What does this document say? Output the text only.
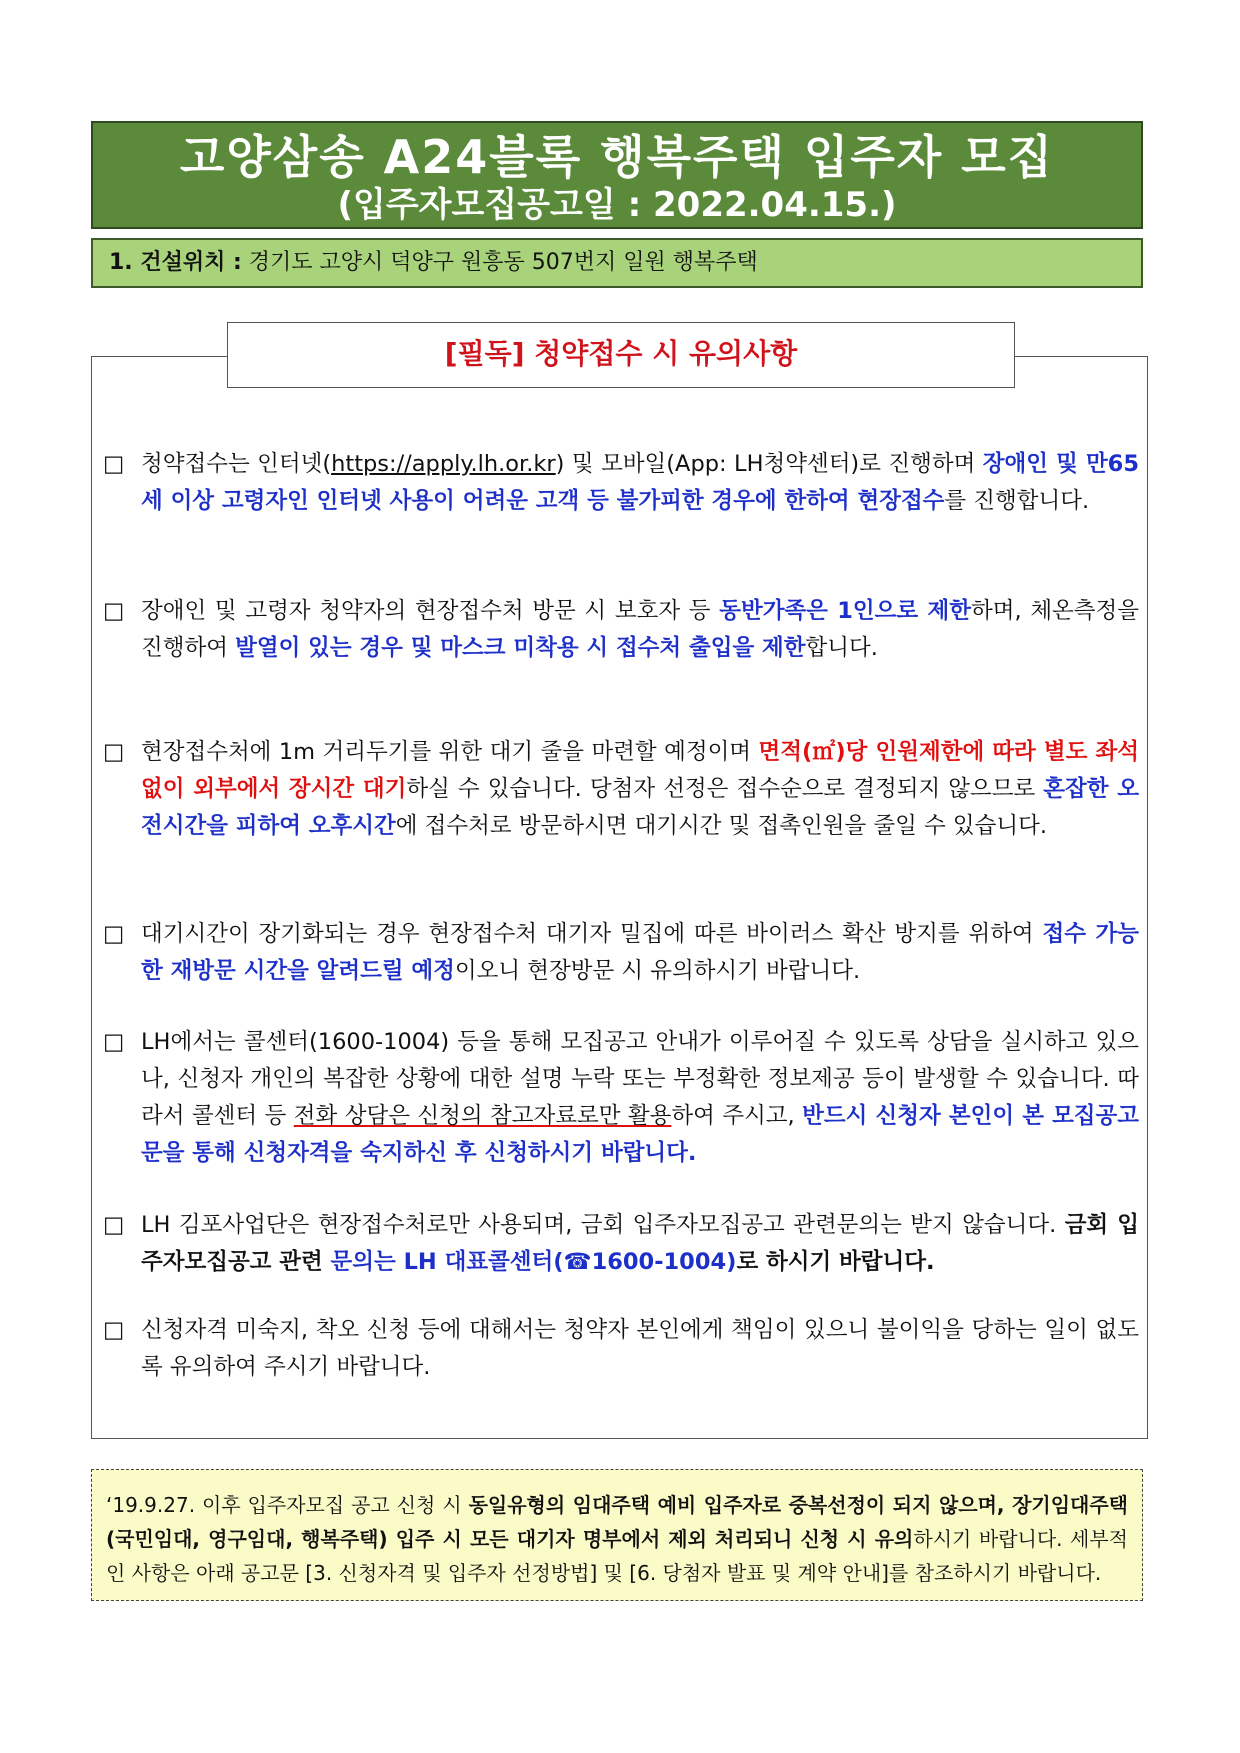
고양삼송 A24블록 행복주택 입주자 모집
(입주자모집공고일 : 2022.04.15.)
1. 건설위치 : 경기도 고양시 덕양구 원흥동 507번지 일원 행복주택
[필독] 청약접수 시 유의사항
□ 청약접수는 인터넷(https://apply.lh.or.kr) 및 모바일(App: LH청약센터)로 진행하며 장애인 및 만65세 이상 고령자인 인터넷 사용이 어려운 고객 등 불가피한 경우에 한하여 현장접수를 진행합니다.
□ 장애인 및 고령자 청약자의 현장접수처 방문 시 보호자 등 동반가족은 1인으로 제한하며, 체온측정을 진행하여 발열이 있는 경우 및 마스크 미착용 시 접수처 출입을 제한합니다.
□ 현장접수처에 1m 거리두기를 위한 대기 줄을 마련할 예정이며 면적(㎡)당 인원제한에 따라 별도 좌석 없이 외부에서 장시간 대기하실 수 있습니다. 당첨자 선정은 접수순으로 결정되지 않으므로 혼잡한 오전시간을 피하여 오후시간에 접수처로 방문하시면 대기시간 및 접촉인원을 줄일 수 있습니다.
□ 대기시간이 장기화되는 경우 현장접수처 대기자 밀집에 따른 바이러스 확산 방지를 위하여 접수 가능한 재방문 시간을 알려드릴 예정이오니 현장방문 시 유의하시기 바랍니다.
□ LH에서는 콜센터(1600-1004) 등을 통해 모집공고 안내가 이루어질 수 있도록 상담을 실시하고 있으나, 신청자 개인의 복잡한 상황에 대한 설명 누락 또는 부정확한 정보제공 등이 발생할 수 있습니다. 따라서 콜센터 등 전화 상담은 신청의 참고자료로만 활용하여 주시고, 반드시 신청자 본인이 본 모집공고문을 통해 신청자격을 숙지하신 후 신청하시기 바랍니다.
□ LH 김포사업단은 현장접수처로만 사용되며, 금회 입주자모집공고 관련문의는 받지 않습니다. 금회 입주자모집공고 관련 문의는 LH 대표콜센터(☎1600-1004)로 하시기 바랍니다.
□ 신청자격 미숙지, 착오 신청 등에 대해서는 청약자 본인에게 책임이 있으니 불이익을 당하는 일이 없도록 유의하여 주시기 바랍니다.
‘19.9.27. 이후 입주자모집 공고 신청 시 동일유형의 임대주택 예비 입주자로 중복선정이 되지 않으며, 장기임대주택(국민임대, 영구임대, 행복주택) 입주 시 모든 대기자 명부에서 제외 처리되니 신청 시 유의하시기 바랍니다. 세부적인 사항은 아래 공고문 [3. 신청자격 및 입주자 선정방법] 및 [6. 당첨자 발표 및 계약 안내]를 참조하시기 바랍니다.
